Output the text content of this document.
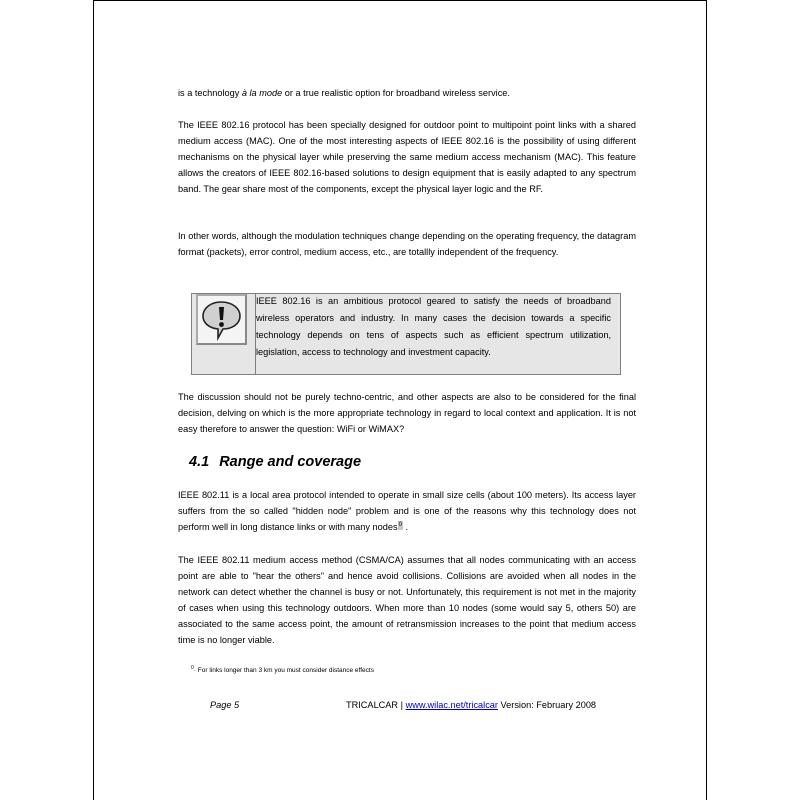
is a technology à la mode or a true realistic option for broadband wireless service.

The IEEE 802.16 protocol has been specially designed for outdoor point to multipoint point links with a shared medium access (MAC). One of the most interesting aspects of IEEE 802.16 is the possibility of using different mechanisms on the physical layer while preserving the same medium access mechanism (MAC). This feature allows the creators of IEEE 802.16-based solutions to design equipment that is easily adapted to any spectrum band. The gear share most of the components, except the physical layer logic and the RF.

In other words, although the modulation techniques change depending on the operating frequency, the datagram format (packets), error control, medium access, etc., are totallly independent of the frequency.

IEEE 802.16 is an ambitious protocol geared to satisfy the needs of broadband wireless operators and industry. In many cases the decision towards a specific technology depends on tens of aspects such as efficient spectrum utilization, legislation, access to technology and investment capacity.

The discussion should not be purely techno-centric, and other aspects are also to be considered for the final decision, delving on which is the more appropriate technology in regard to local context and application. It is not easy therefore to answer the question: WiFi or WiMAX?

4.1 Range and coverage

IEEE 802.11 is a local area protocol intended to operate in small size cells (about 100 meters). Its access layer suffers from the so called "hidden node" problem and is one of the reasons why this technology does not perform well in long distance links or with many nodes0 .

The IEEE 802.11 medium access method (CSMA/CA) assumes that all nodes communicating with an access point are able to "hear the others" and hence avoid collisions. Collisions are avoided when all nodes in the network can detect whether the channel is busy or not. Unfortunately, this requirement is not met in the majority of cases when using this technology outdoors. When more than 10 nodes (some would say 5, others 50) are associated to the same access point, the amount of retransmission increases to the point that medium access time is no longer viable.

$^0$· For links longer than 3 km you must consider distance effects
Page 5	TRICALCAR | www.wilac.net/tricalcar Version: February 2008
